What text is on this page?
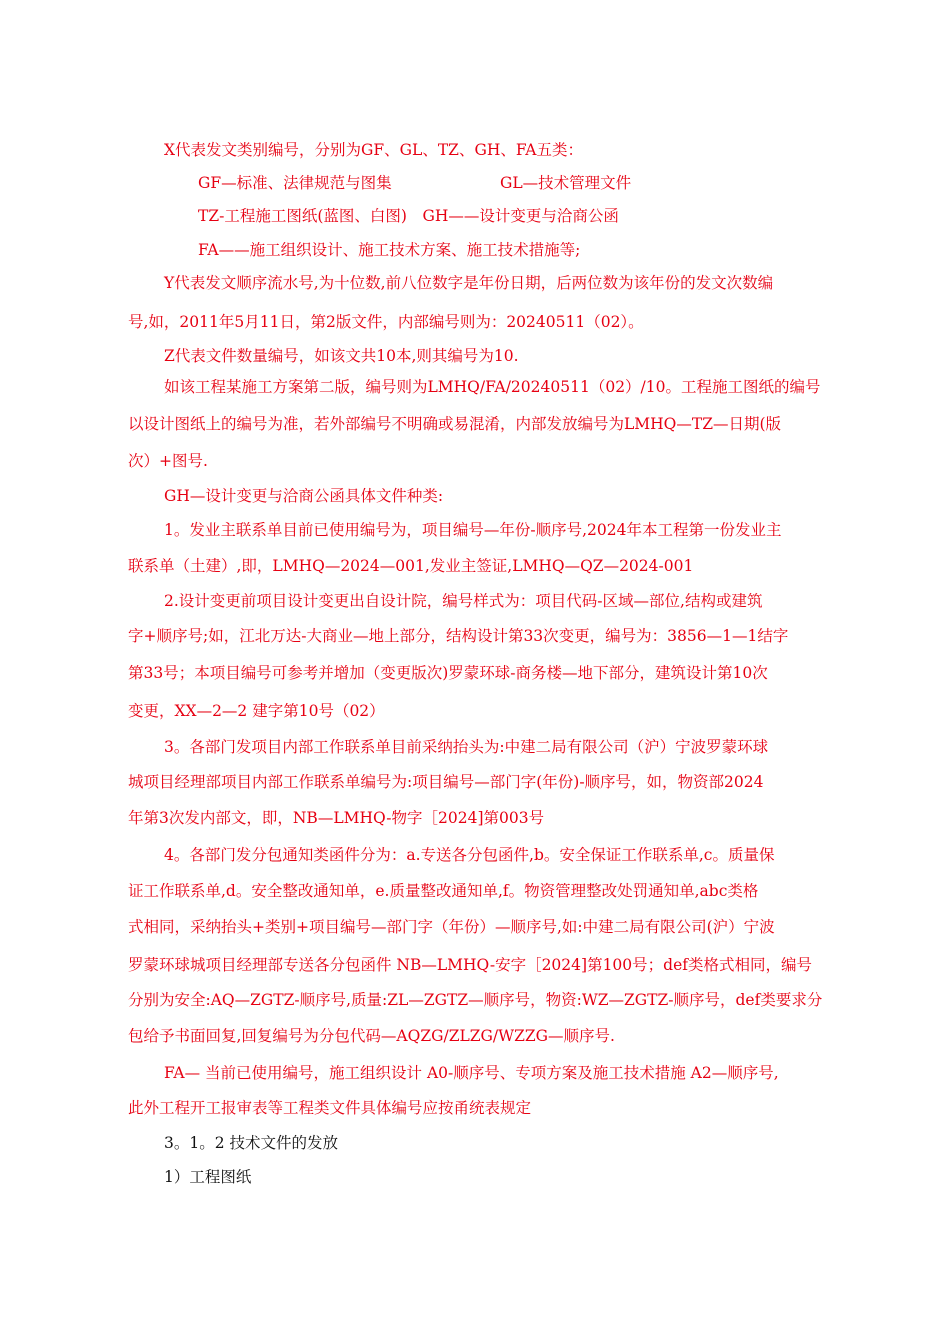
X代表发文类别编号，分别为GF、GL、TZ、GH、FA五类：
GF—标准、法律规范与图集	GL—技术管理文件
TZ-工程施工图纸(蓝图、白图)　GH——设计变更与洽商公函
FA——施工组织设计、施工技术方案、施工技术措施等;
Y代表发文顺序流水号,为十位数,前八位数字是年份日期，后两位数为该年份的发文次数编
号,如，2011年5月11日，第2版文件，内部编号则为：20240511（02）。
Z代表文件数量编号，如该文共10本,则其编号为10.
如该工程某施工方案第二版，编号则为LMHQ/FA/20240511（02）/10。工程施工图纸的编号
以设计图纸上的编号为准，若外部编号不明确或易混淆，内部发放编号为LMHQ—TZ—日期(版
次）+图号.
GH—设计变更与洽商公函具体文件种类:
1。发业主联系单目前已使用编号为，项目编号—年份-顺序号,2024年本工程第一份发业主
联系单（土建）,即，LMHQ—2024—001,发业主签证,LMHQ—QZ—2024-001
2.设计变更前项目设计变更出自设计院，编号样式为：项目代码-区域—部位,结构或建筑
字+顺序号;如，江北万达-大商业—地上部分，结构设计第33次变更，编号为：3856—1—1结字
第33号；本项目编号可参考并增加（变更版次)罗蒙环球-商务楼—地下部分，建筑设计第10次
变更，XX—2—2 建字第10号（02）
3。各部门发项目内部工作联系单目前采纳抬头为:中建二局有限公司（沪）宁波罗蒙环球
城项目经理部项目内部工作联系单编号为:项目编号—部门字(年份)-顺序号，如，物资部2024
年第3次发内部文，即，NB—LMHQ-物字［2024]第003号
4。各部门发分包通知类函件分为：a.专送各分包函件,b。安全保证工作联系单,c。质量保
证工作联系单,d。安全整改通知单，e.质量整改通知单,f。物资管理整改处罚通知单,abc类格
式相同，采纳抬头+类别+项目编号—部门字（年份）—顺序号,如:中建二局有限公司(沪）宁波
罗蒙环球城项目经理部专送各分包函件 NB—LMHQ-安字［2024]第100号；def类格式相同，编号
分别为安全:AQ—ZGTZ-顺序号,质量:ZL—ZGTZ—顺序号，物资:WZ—ZGTZ-顺序号，def类要求分
包给予书面回复,回复编号为分包代码—AQZG/ZLZG/WZZG—顺序号.
FA— 当前已使用编号，施工组织设计 A0-顺序号、专项方案及施工技术措施 A2—顺序号,
此外工程开工报审表等工程类文件具体编号应按甬统表规定
3。1。2 技术文件的发放
1）工程图纸
